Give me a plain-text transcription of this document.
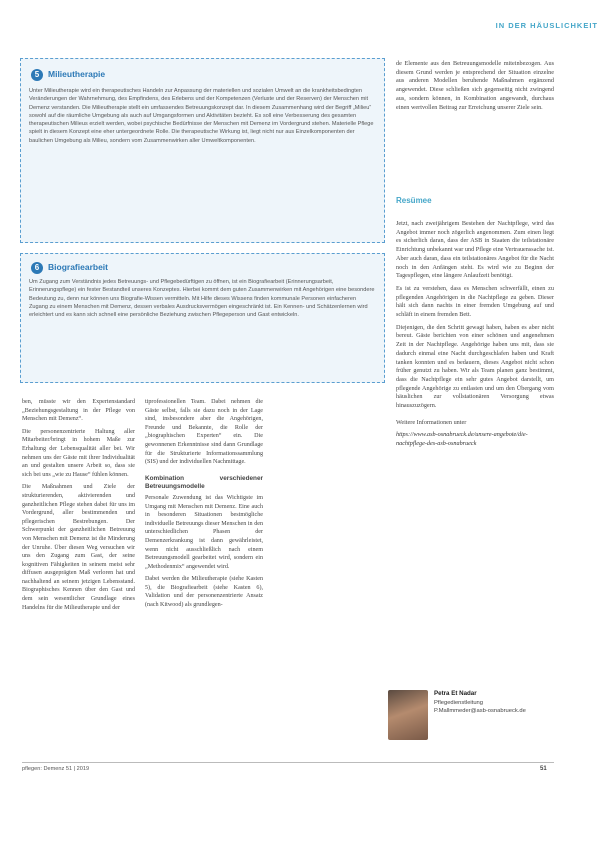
IN DER HÄUSLICHKEIT
5	Milieutherapie
Unter Milieutherapie wird ein therapeutisches Handeln zur Anpassung der materiellen und sozialen Umwelt an die krankheitsbedingten Veränderungen der Wahrnehmung, des Empfindens, des Erlebens und der Kompetenzen (Verluste und der Reserven) der Menschen mit Demenz verstanden. Die Milieutherapie stellt ein umfassendes Betreuungskonzept dar. In diesem Zusammenhang wird der Begriff „Milieu“ sowohl auf die räumliche Umgebung als auch auf Umgangsformen und Aktivitäten bezieht. Es soll eine Verbesserung des gesamten therapeutischen Milieus erzielt werden, wobei psychische Bedürfnisse der Menschen mit Demenz im Vordergrund stehen. Materielle Pflege spielt in diesem Konzept eine eher untergeordnete Rolle. Die therapeutische Wirkung ist, liegt nicht nur aus Einzelkomponenten der baulichen Umgebung als Milieu, sondern vom Zusammenwirken aller Umweltkomponenten.
6	Biografiearbeit
Um Zugang zum Verständnis jedes Betreuungs- und Pflegebedürftigen zu öffnen, ist ein Biografiearbeit (Erinnerungsarbeit, Erinnerungspflege) ein fester Bestandteil unseres Konzeptes. Hierbei kommt dem guten Zusammenwirken mit Angehörigen eine besondere Bedeutung zu, denn nur können uns Biografie-Wissen vermitteln. Mit Hilfe dieses Wissens finden kommunale Personen einfacheren Zugang zu einem Menschen mit Demenz, dessen verbales Ausdrucksvermögen eingeschränkt ist. Ein Kennen- und Schätzenlernen wird erleichtert und es kann sich schnell eine persönliche Beziehung zwischen Pflegeperson und Gast entwickeln.

ben, müsste wir den Expertenstandard „Beziehungsgestaltung in der Pflege von Menschen mit Demenz“.

Die personenzentrierte Haltung aller Mitarbeiter/bringt in hohem Maße zur Erhaltung der Lebensqualität aller bei. Wir nehmen uns der Gäste mit ihrer Individualität an und gestalten unsere Arbeit so, dass sie sich bei uns „wie zu Hause“ fühlen können.

Die Maßnahmen und Ziele der strukturierenden, aktivierenden und ganzheitlichen Pflege stehen dabei für uns im Vordergrund, aller bestimmenden und pflegerischen Bestrebungen. Der Schwerpunkt der ganzheitlichen Betreuung von Menschen mit Demenz ist die Minderung der Unruhe. Über diesen Weg versuchen wir uns den Zugang zum Gast, der seine kognitiven Fähigkeiten in seinem meist sehr diffusen ausgeprägten Maß verloren hat und nachhaltend an seinem jetzigen Lebensstand. Biographisches Kennen über den Gast und dem sein wesentlicher Grundlage eines Handelns für die Milieutherapie und der

tiprofessionellen Team. Dabei nehmen die Gäste selbst, falls sie dazu noch in der Lage sind, insbesondere aber die Angehörigen, Freunde und Bekannte, die Rolle der „biographischen Experten“ ein. Die gewonnenen Erkenntnisse sind dann Grundlage für die Strukturierte Informationssammlung (SIS) und der individuellen Nachmittage.

Kombination verschiedener Betreuungsmodelle

Personale Zuwendung ist das Wichtigste im Umgang mit Menschen mit Demenz. Eine auch in besonderen Situationen bestmögliche individuelle Betreuungs dieser Menschen in den unterschiedlichen Phasen der Demenzerkrankung ist dann gewährleistet, wenn nicht ausschließlich nach einem Betreuungsmodell gearbeitet wird, sondern ein „Methodenmix“ angewendet wird.

Dabei werden die Milieutherapie (siehe Kasten 5), die Biografiearbeit (siehe Kasten 6), Validation und der personenzentrierte Ansatz (nach Kitwood) als grundlegen-

de Elemente aus den Betreuungsmodelle miteinbezogen. Aus diesem Grund werden je entsprechend der Situation einzelne aus anderen Modellen beruhende Maßnahmen ergänzend angewendet. Diese schließen sich gegenseitig nicht zwingend aus, sondern können, in Kombination angewandt, durchaus einen wertvollen Beitrag zur Erreichung unserer Ziele sein.

Resümee

Jetzt, nach zweijährigem Bestehen der Nachtpflege, wird das Angebot immer noch zögerlich angenommen. Zum einen liegt es sicherlich daran, dass der ASB in Staaten die teilstationäre Einrichtung unbekannt war und Pflege eine Vertrauenssache ist. Aber auch daran, dass ein teilstationäres Angebot für die Nacht noch in den Anfängen steht. Es wird wie zu Beginn der Tagespflegen, eine längere Anlaufzeit benötigt.

Es ist zu verstehen, dass es Menschen schwerfällt, einen zu pflegenden Angehörigen in die Nachtpflege zu geben. Dieser hält sich dann nachts in einer fremden Umgebung auf und schläft in einem fremden Bett.

Diejenigen, die den Schritt gewagt haben, haben es aber nicht bereut. Gäste berichten von einer schönen und angenehmen Zeit in der Nachtpflege. Angehörige haben uns mit, dass sie dadurch einmal eine Nacht durchgeschlafen haben und Kraft tanken konnten und es bedauern, dieses Angebot nicht schon früher genutzt zu haben. Wir als Team planen ganz bestimmt, dass die Nachtpflege ein sehr gutes Angebot darstellt, um pflegende Angehörige zu entlasten und um den Übergang vom häuslichen zur vollstationären Versorgung etwas hinauszuzögern.

Weitere Informationen unter

https://www.asb-osnabrueck.de/unsere-angebote/die-nachtpflege-des-asb-osnabrueck

Petra Et Nadar
Pflegedienstleitung
P.Mallmmeder@asb-osnabrueck.de
pflegen: Demenz 51 | 2019	51
